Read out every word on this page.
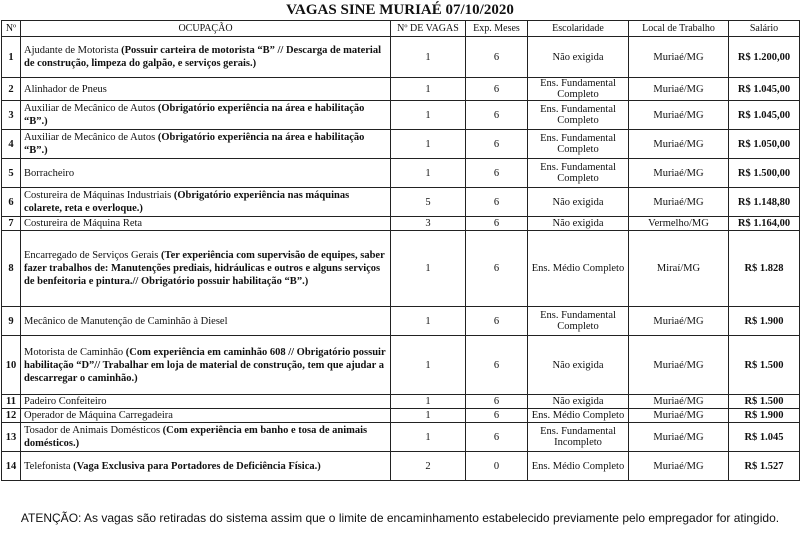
VAGAS SINE MURIAÉ 07/10/2020
Nº	OCUPAÇÃO	Nº DE VAGAS	Exp. Meses	Escolaridade	Local de Trabalho	Salário
1	Ajudante de Motorista (Possuir carteira de motorista “B” // Descarga de material de construção, limpeza do galpão, e serviços gerais.)	1	6	Não exigida	Muriaé/MG	R$ 1.200,00
2	Alinhador de Pneus	1	6	Ens. Fundamental Completo	Muriaé/MG	R$ 1.045,00
3	Auxiliar de Mecânico de Autos (Obrigatório experiência na área e habilitação “B”.)	1	6	Ens. Fundamental Completo	Muriaé/MG	R$ 1.045,00
4	Auxiliar de Mecânico de Autos (Obrigatório experiência na área e habilitação “B”.)	1	6	Ens. Fundamental Completo	Muriaé/MG	R$ 1.050,00
5	Borracheiro	1	6	Ens. Fundamental Completo	Muriaé/MG	R$ 1.500,00
6	Costureira de Máquinas Industriais (Obrigatório experiência nas máquinas colarete, reta e overloque.)	5	6	Não exigida	Muriaé/MG	R$ 1.148,80
7	Costureira de Máquina Reta	3	6	Não exigida	Vermelho/MG	R$ 1.164,00
8	Encarregado de Serviços Gerais (Ter experiência com supervisão de equipes, saber fazer trabalhos de: Manutenções prediais, hidráulicas e outros e alguns serviços de benfeitoria e pintura.// Obrigatório possuir habilitação “B”.)	1	6	Ens. Médio Completo	Miraí/MG	R$ 1.828
9	Mecânico de Manutenção de Caminhão à Diesel	1	6	Ens. Fundamental Completo	Muriaé/MG	R$ 1.900
10	Motorista de Caminhão (Com experiência em caminhão 608 // Obrigatório possuir habilitação “D”// Trabalhar em loja de material de construção, tem que ajudar a descarregar o caminhão.)	1	6	Não exigida	Muriaé/MG	R$ 1.500
11	Padeiro Confeiteiro	1	6	Não exigida	Muriaé/MG	R$ 1.500
12	Operador de Máquina Carregadeira	1	6	Ens. Médio Completo	Muriaé/MG	R$ 1.900
13	Tosador de Animais Domésticos (Com experiência em banho e tosa de animais domésticos.)	1	6	Ens. Fundamental Incompleto	Muriaé/MG	R$ 1.045
14	Telefonista (Vaga Exclusiva para Portadores de Deficiência Física.)	2	0	Ens. Médio Completo	Muriaé/MG	R$ 1.527
ATENÇÃO: As vagas são retiradas do sistema assim que o limite de encaminhamento estabelecido previamente pelo empregador for atingido.
